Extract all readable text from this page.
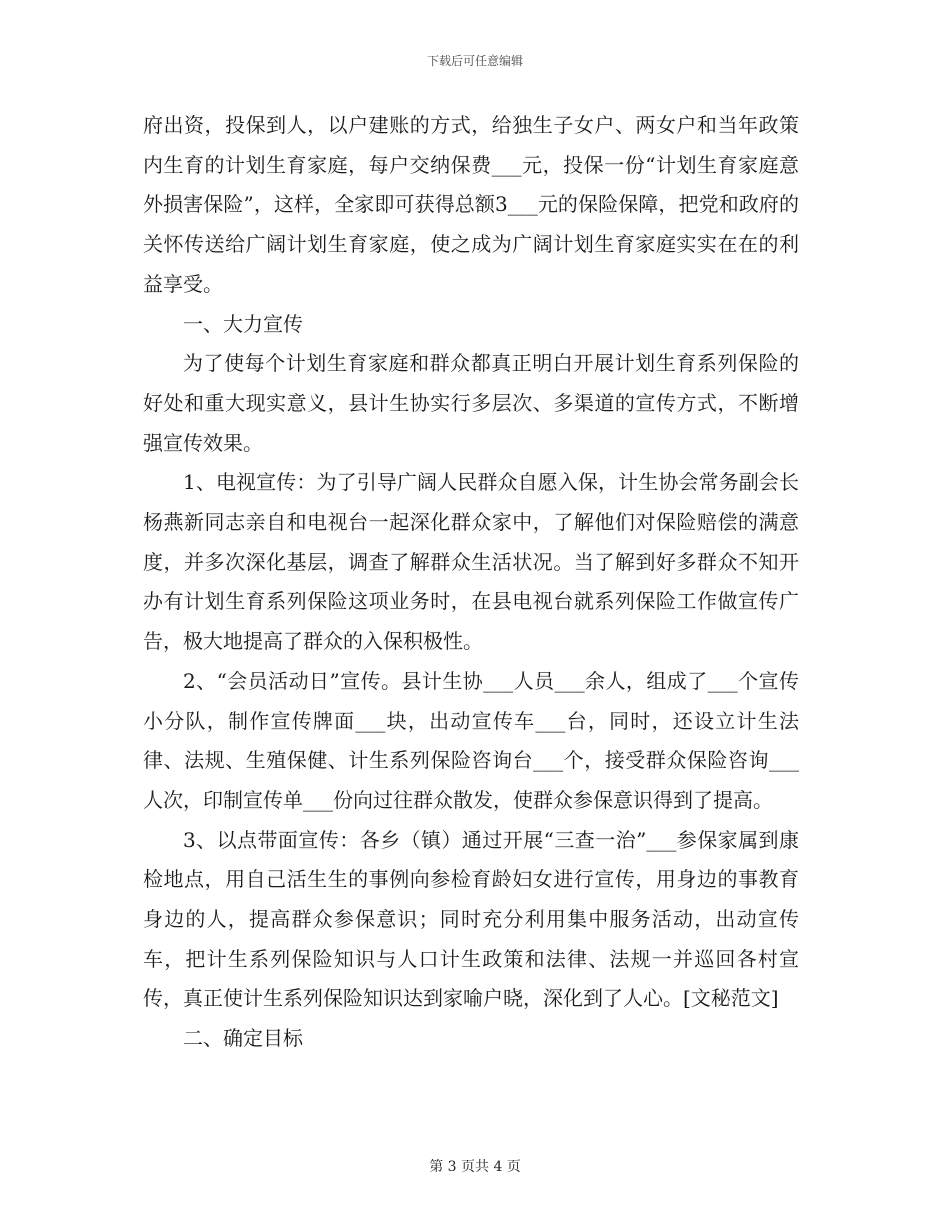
下载后可任意编辑

府出资，投保到人，以户建账的方式，给独生子女户、两女户和当年政策内生育的计划生育家庭，每户交纳保费___元，投保一份“计划生育家庭意外损害保险”，这样，全家即可获得总额3___元的保险保障，把党和政府的关怀传送给广阔计划生育家庭，使之成为广阔计划生育家庭实实在在的利益享受。

一、大力宣传

为了使每个计划生育家庭和群众都真正明白开展计划生育系列保险的好处和重大现实意义，县计生协实行多层次、多渠道的宣传方式，不断增强宣传效果。

1、电视宣传：为了引导广阔人民群众自愿入保，计生协会常务副会长杨燕新同志亲自和电视台一起深化群众家中，了解他们对保险赔偿的满意度，并多次深化基层，调查了解群众生活状况。当了解到好多群众不知开办有计划生育系列保险这项业务时，在县电视台就系列保险工作做宣传广告，极大地提高了群众的入保积极性。

2、“会员活动日”宣传。县计生协___人员___余人，组成了___个宣传小分队，制作宣传牌面___块，出动宣传车___台，同时，还设立计生法律、法规、生殖保健、计生系列保险咨询台___个，接受群众保险咨询___人次，印制宣传单___份向过往群众散发，使群众参保意识得到了提高。

3、以点带面宣传：各乡（镇）通过开展“三查一治”___参保家属到康检地点，用自己活生生的事例向参检育龄妇女进行宣传，用身边的事教育身边的人，提高群众参保意识；同时充分利用集中服务活动，出动宣传车，把计生系列保险知识与人口计生政策和法律、法规一并巡回各村宣传，真正使计生系列保险知识达到家喻户晓，深化到了人心。[文秘范文]

二、确定目标

第 3 页共 4 页
